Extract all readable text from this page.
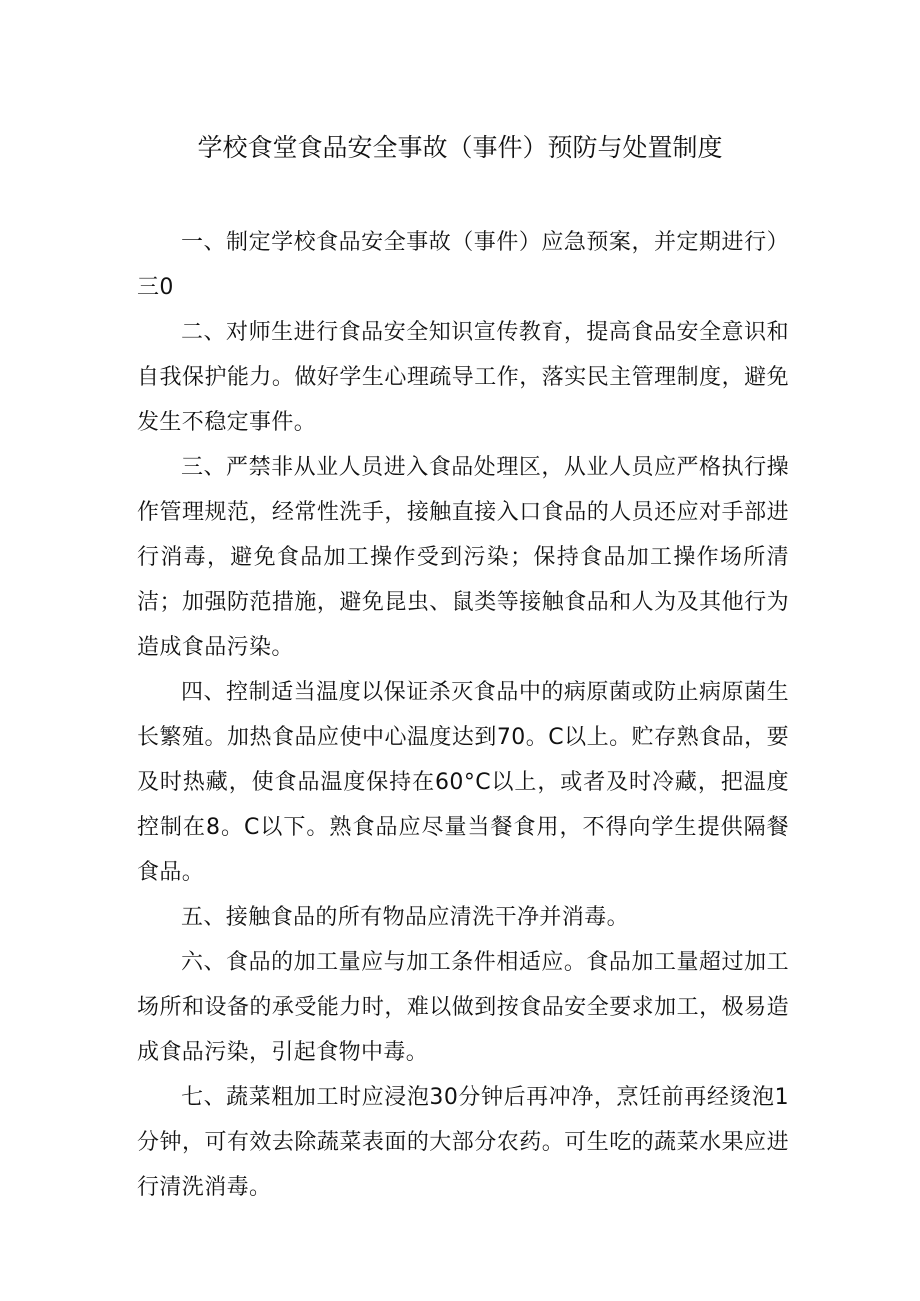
学校食堂食品安全事故（事件）预防与处置制度

一、制定学校食品安全事故（事件）应急预案，并定期进行）三0

二、对师生进行食品安全知识宣传教育，提高食品安全意识和自我保护能力。做好学生心理疏导工作，落实民主管理制度，避免发生不稳定事件。

三、严禁非从业人员进入食品处理区，从业人员应严格执行操作管理规范，经常性洗手，接触直接入口食品的人员还应对手部进行消毒，避免食品加工操作受到污染；保持食品加工操作场所清洁；加强防范措施，避免昆虫、鼠类等接触食品和人为及其他行为造成食品污染。

四、控制适当温度以保证杀灭食品中的病原菌或防止病原菌生长繁殖。加热食品应使中心温度达到70。C以上。贮存熟食品，要及时热藏，使食品温度保持在60°C以上，或者及时冷藏，把温度控制在8。C以下。熟食品应尽量当餐食用，不得向学生提供隔餐食品。

五、接触食品的所有物品应清洗干净并消毒。

六、食品的加工量应与加工条件相适应。食品加工量超过加工场所和设备的承受能力时，难以做到按食品安全要求加工，极易造成食品污染，引起食物中毒。

七、蔬菜粗加工时应浸泡30分钟后再冲净，烹饪前再经烫泡1分钟，可有效去除蔬菜表面的大部分农药。可生吃的蔬菜水果应进行清洗消毒。
